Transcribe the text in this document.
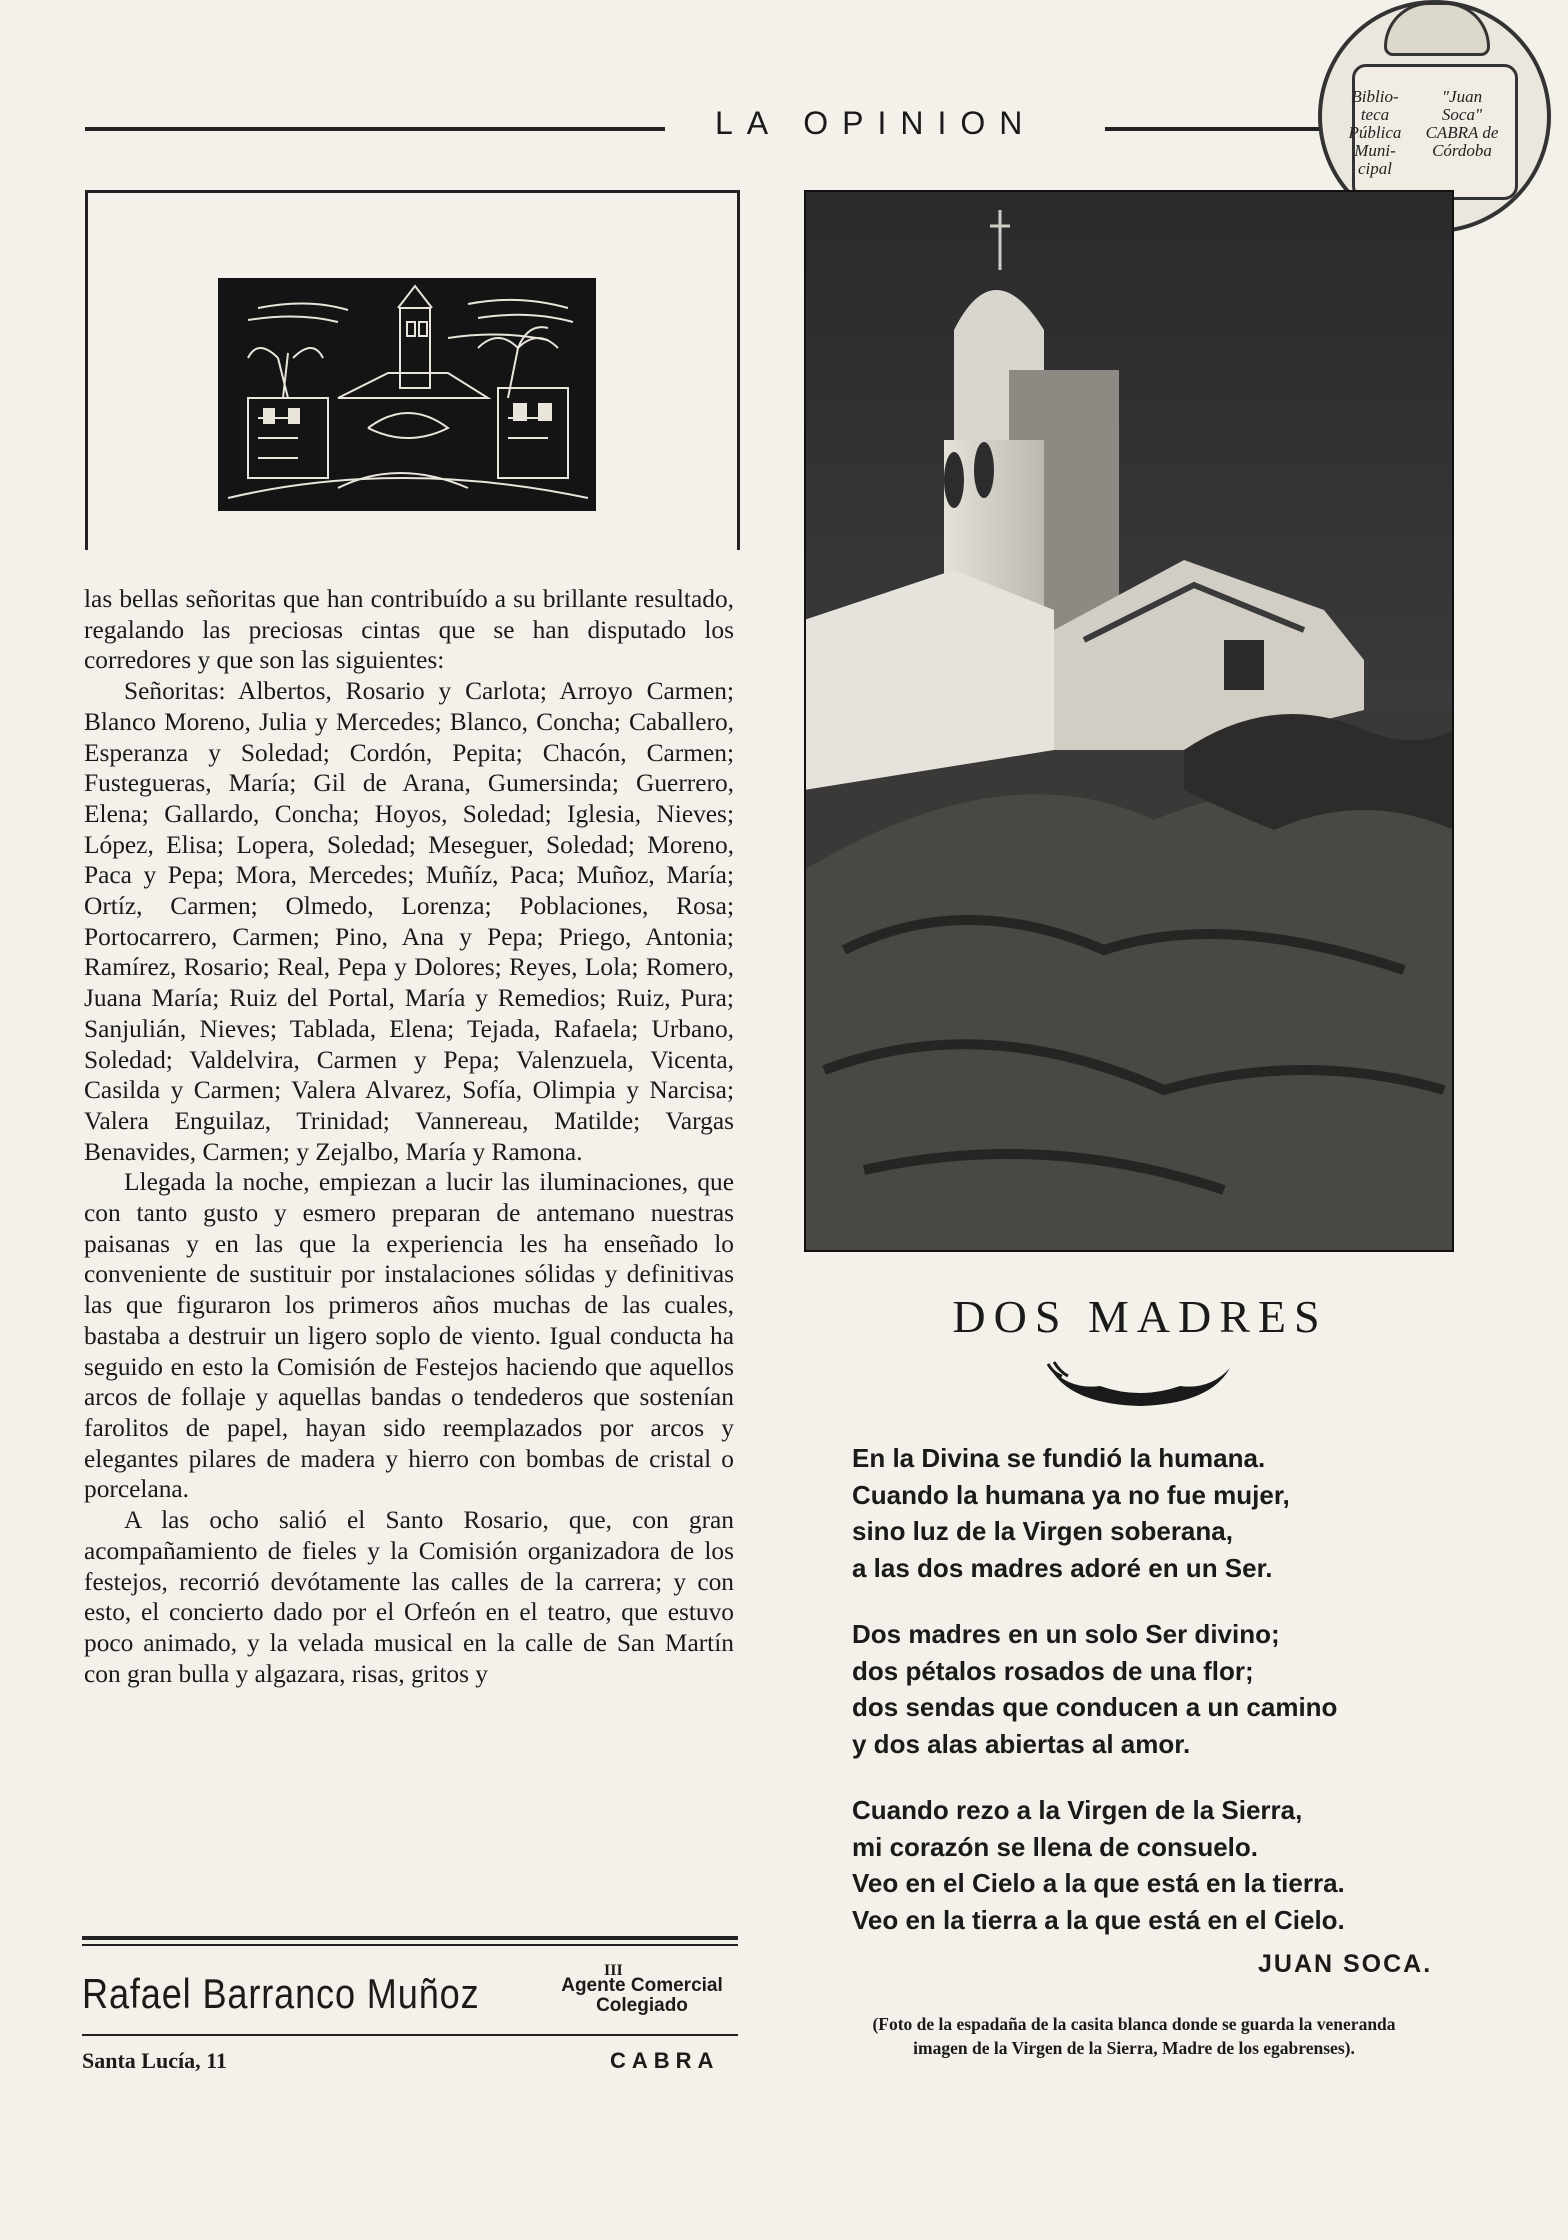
LA OPINION
Biblio-teca Pública Muni-cipal
"Juan Soca" CABRA de Córdoba

las bellas señoritas que han contribuído a su brillante resultado, regalando las preciosas cintas que se han disputado los corredores y que son las siguientes:

Señoritas: Albertos, Rosario y Carlota; Arroyo Carmen; Blanco Moreno, Julia y Mercedes; Blanco, Concha; Caballero, Esperanza y Soledad; Cordón, Pepita; Chacón, Carmen; Fustegueras, María; Gil de Arana, Gumersinda; Guerrero, Elena; Gallardo, Concha; Hoyos, Soledad; Iglesia, Nieves; López, Elisa; Lopera, Soledad; Meseguer, Soledad; Moreno, Paca y Pepa; Mora, Mercedes; Muñíz, Paca; Muñoz, María; Ortíz, Carmen; Olmedo, Lorenza; Poblaciones, Rosa; Portocarrero, Carmen; Pino, Ana y Pepa; Priego, Antonia; Ramírez, Rosario; Real, Pepa y Dolores; Reyes, Lola; Romero, Juana María; Ruiz del Portal, María y Remedios; Ruiz, Pura; Sanjulián, Nieves; Tablada, Elena; Tejada, Rafaela; Urbano, Soledad; Valdelvira, Carmen y Pepa; Valenzuela, Vicenta, Casilda y Carmen; Valera Alvarez, Sofía, Olimpia y Narcisa; Valera Enguilaz, Trinidad; Vannereau, Matilde; Vargas Benavides, Carmen; y Zejalbo, María y Ramona.

Llegada la noche, empiezan a lucir las iluminaciones, que con tanto gusto y esmero preparan de antemano nuestras paisanas y en las que la experiencia les ha enseñado lo conveniente de sustituir por instalaciones sólidas y definitivas las que figuraron los primeros años muchas de las cuales, bastaba a destruir un ligero soplo de viento. Igual conducta ha seguido en esto la Comisión de Festejos haciendo que aquellos arcos de follaje y aquellas bandas o tendederos que sostenían farolitos de papel, hayan sido reemplazados por arcos y elegantes pilares de madera y hierro con bombas de cristal o porcelana.

A las ocho salió el Santo Rosario, que, con gran acompañamiento de fieles y la Comisión organizadora de los festejos, recorrió devótamente las calles de la carrera; y con esto, el concierto dado por el Orfeón en el teatro, que estuvo poco animado, y la velada musical en la calle de San Martín con gran bulla y algazara, risas, gritos y

Rafael Barranco Muñoz	III
Agente Comercial
Colegiado
Santa Lucía, 11	CABRA
DOS MADRES
En la Divina se fundió la humana.
Cuando la humana ya no fue mujer,
sino luz de la Virgen soberana,
a las dos madres adoré en un Ser.
Dos madres en un solo Ser divino;
dos pétalos rosados de una flor;
dos sendas que conducen a un camino
y dos alas abiertas al amor.
Cuando rezo a la Virgen de la Sierra,
mi corazón se llena de consuelo.
Veo en el Cielo a la que está en la tierra.
Veo en la tierra a la que está en el Cielo.
JUAN SOCA.
(Foto de la espadaña de la casita blanca donde se guarda la veneranda
imagen de la Virgen de la Sierra, Madre de los egabrenses).
